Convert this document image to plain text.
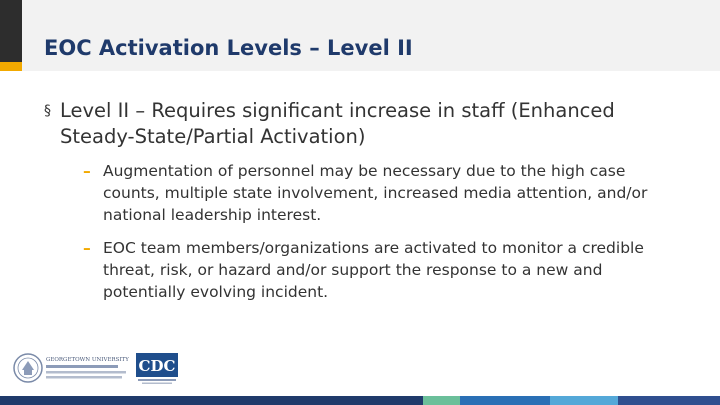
EOC Activation Levels – Level II
§ Level II – Requires significant increase in staff (Enhanced Steady-State/Partial Activation)
– Augmentation of personnel may be necessary due to the high case counts, multiple state involvement, increased media attention, and/or national leadership interest.
– EOC team members/organizations are activated to monitor a credible threat, risk, or hazard and/or support the response to a new and potentially evolving incident.
GEORGETOWN UNIVERSITY CDC
